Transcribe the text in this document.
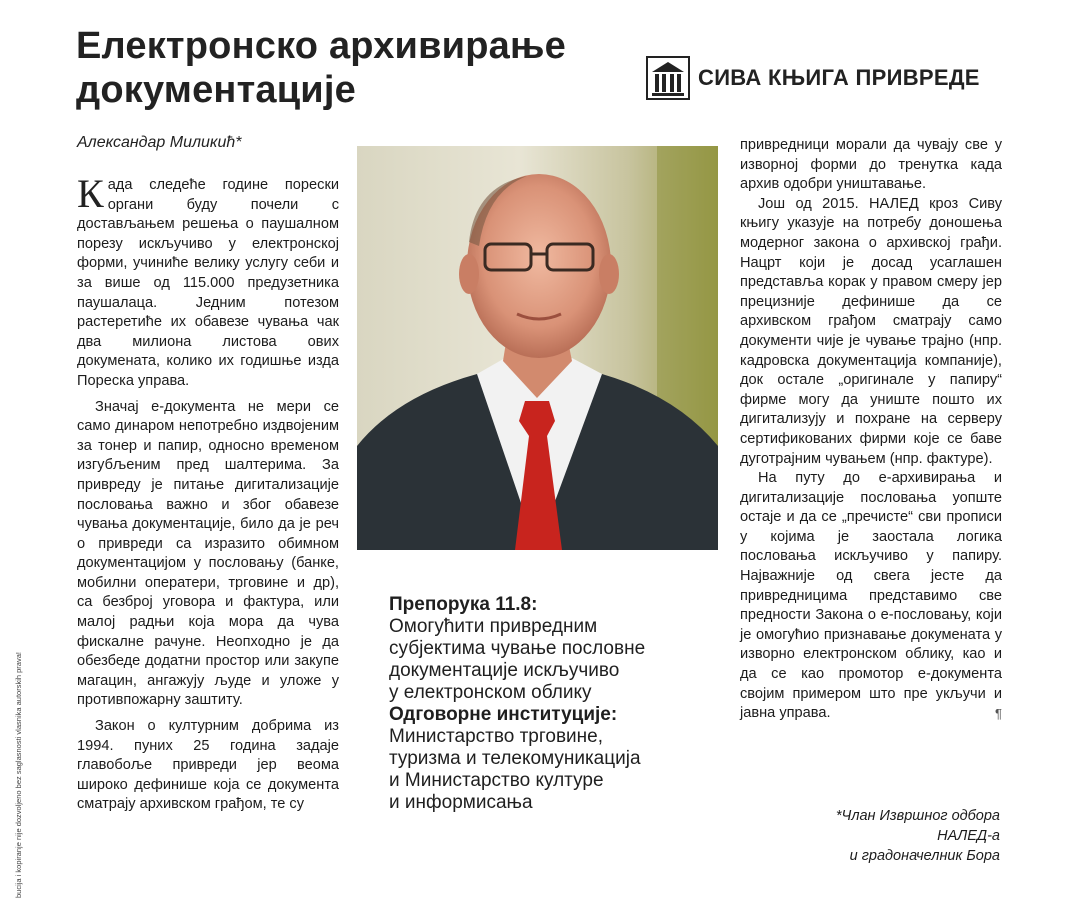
Електронско архивирање
документације	СИВА КЊИГА ПРИВРЕДЕ
Александар Миликић*

Када следеће године порески органи буду почели с достављањем решења о паушалном порезу искључиво у електронској форми, учиниће велику услугу себи и за више од 115.000 предузетника паушалаца. Једним потезом растеретиће их обавезе чувања чак два милиона листова ових докумената, колико их годишње изда Пореска управа.

Значај е-документа не мери се само динаром непотребно издвојеним за тонер и папир, односно временом изгубљеним пред шалтерима. За привреду је питање дигитализације пословања важно и због обавезе чувања документације, било да је реч о привреди са изразито обимном документацијом у пословању (банке, мобилни оператери, трговине и др), са безброј уговора и фактура, или малој радњи која мора да чува фискалне рачуне. Неопходно је да обезбеде додатни простор или закупе магацин, ангажују људе и уложе у противпожарну заштиту.

Закон о културним добрима из 1994. пуних 25 година задаје главобоље привреди јер веома широко дефинише која се документа сматрају архивском грађом, те су

Препорука 11.8:
Омогућити привредним
субјектима чување пословне
документације искључиво
у електронском облику
Одговорне институције:
Министарство трговине,
туризма и телекомуникација
и Министарство културе
и информисања

привредници морали да чувају све у изворној форми до тренутка када архив одобри уништавање.

Још од 2015. НАЛЕД кроз Сиву књигу указује на потребу доношења модерног закона о архивској грађи. Нацрт који је досад усаглашен представља корак у правом смеру јер прецизније дефинише да се архивском грађом сматрају само документи чије је чување трајно (нпр. кадровска документација компаније), док остале „оригинале у папиру“ фирме могу да униште пошто их дигитализују и похране на серверу сертификованих фирми које се баве дуготрајним чувањем (нпр. фактуре).

На путу до е-архивирања и дигитализације пословања уопште остаје и да се „пречисте“ сви прописи у којима је заостала логика пословања искључиво у папиру. Најважније од свега јесте да привредницима представимо све предности Закона о е-пословању, који је омогућио признавање докумената у изворно електронском облику, као и да се као промотор е-документа својим примером што пре укључи и јавна управа.	¶

*Члан Извршног одбора
НАЛЕД-а
и градоначелник Бора
bucija i kopiranje nije dozvoljeno bez saglasnosti vlasnika autorskih prava!
